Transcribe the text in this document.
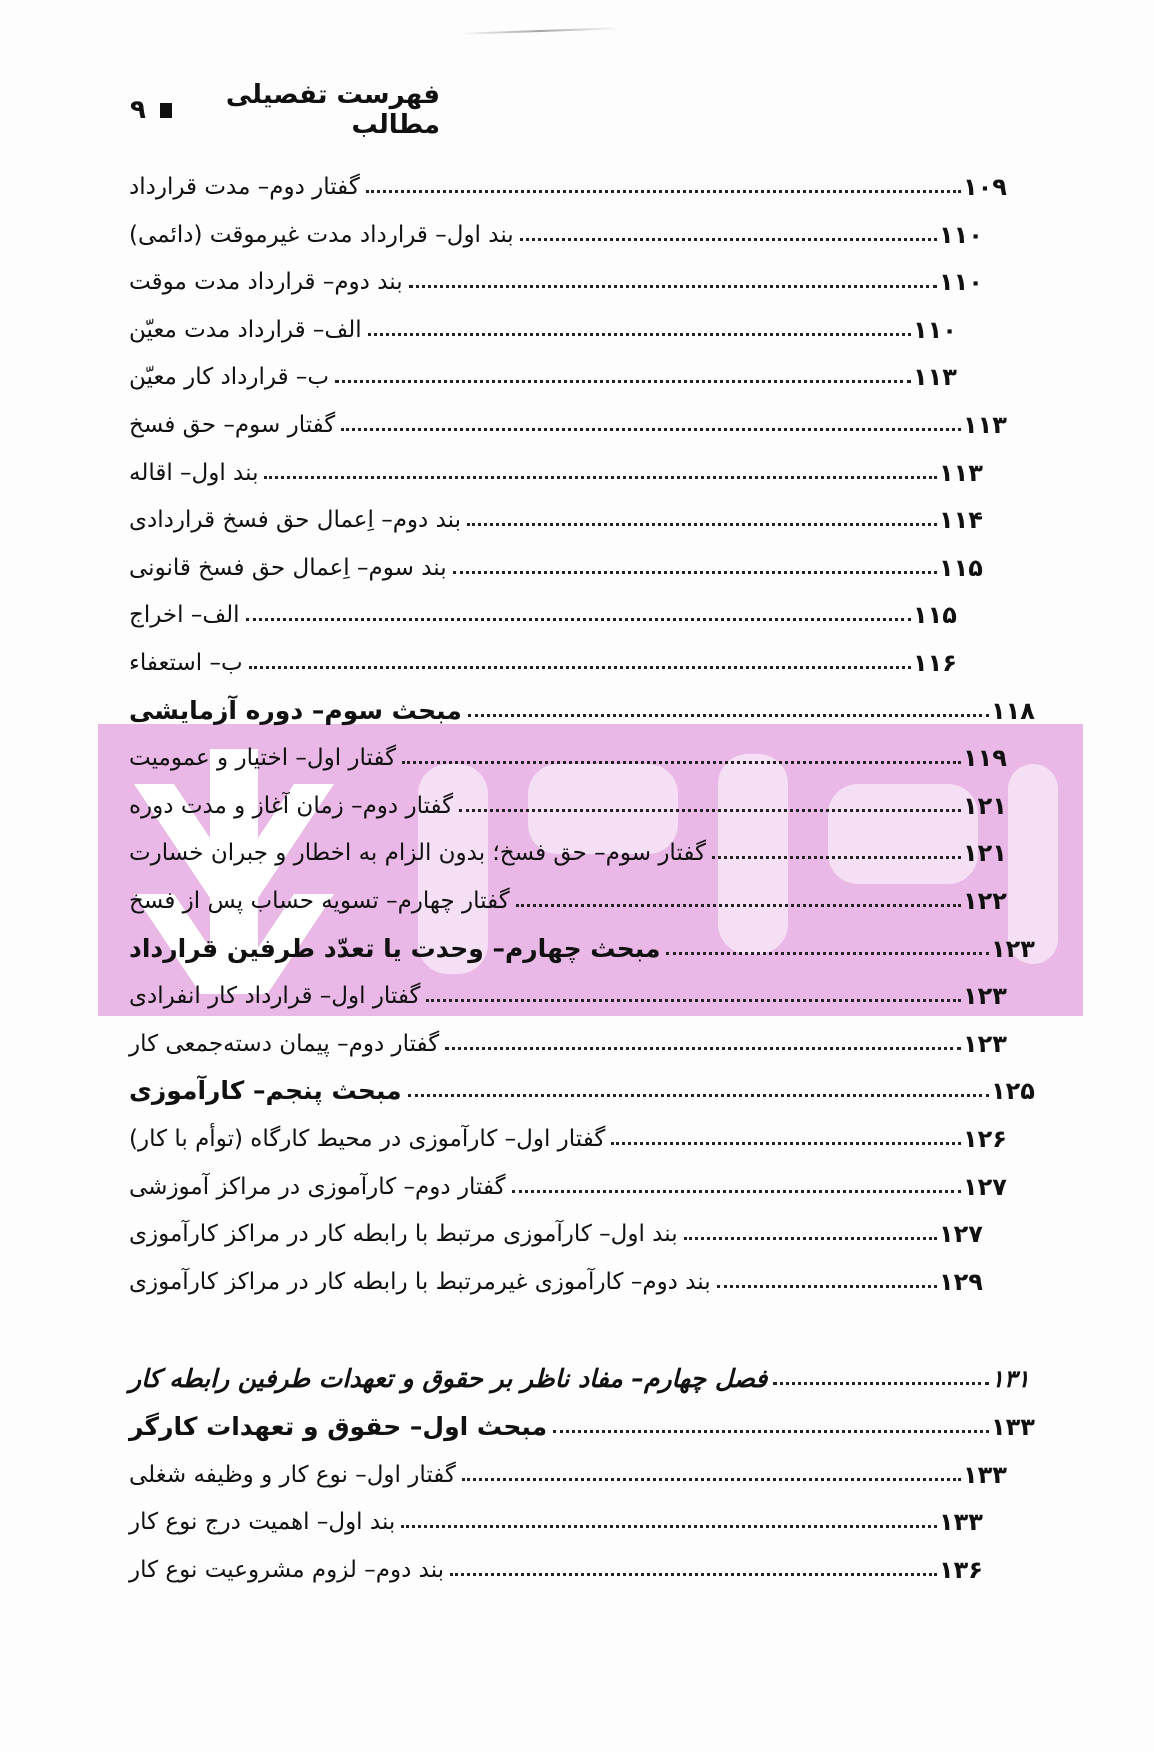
فهرست تفصیلی مطالب
۹
گفتار دوم– مدت قرارداد	۱۰۹
بند اول– قرارداد مدت غیرموقت (دائمی)	۱۱۰
بند دوم– قرارداد مدت موقت	۱۱۰
الف– قرارداد مدت معیّن	۱۱۰
ب– قرارداد کار معیّن	۱۱۳
گفتار سوم– حق فسخ	۱۱۳
بند اول– اقاله	۱۱۳
بند دوم– اِعمال حق فسخ قراردادی	۱۱۴
بند سوم– اِعمال حق فسخ قانونی	۱۱۵
الف– اخراج	۱۱۵
ب– استعفاء	۱۱۶
مبحث سوم– دوره آزمایشی	۱۱۸
گفتار اول– اختیار و عمومیت	۱۱۹
گفتار دوم– زمان آغاز و مدت دوره	۱۲۱
گفتار سوم– حق فسخ؛ بدون الزام به اخطار و جبران خسارت	۱۲۱
گفتار چهارم– تسویه حساب پس از فسخ	۱۲۲
مبحث چهارم– وحدت یا تعدّد طرفین قرارداد	۱۲۳
گفتار اول– قرارداد کار انفرادی	۱۲۳
گفتار دوم– پیمان دسته‌جمعی کار	۱۲۳
مبحث پنجم– کارآموزی	۱۲۵
گفتار اول– کارآموزی در محیط کارگاه (توأم با کار)	۱۲۶
گفتار دوم– کارآموزی در مراکز آموزشی	۱۲۷
بند اول– کارآموزی مرتبط با رابطه کار در مراکز کارآموزی	۱۲۷
بند دوم– کارآموزی غیرمرتبط با رابطه کار در مراکز کارآموزی	۱۲۹
فصل چهارم– مفاد ناظر بر حقوق و تعهدات طرفین رابطه کار	۱۳۱
مبحث اول– حقوق و تعهدات کارگر	۱۳۳
گفتار اول– نوع کار و وظیفه شغلی	۱۳۳
بند اول– اهمیت درج نوع کار	۱۳۳
بند دوم– لزوم مشروعیت نوع کار	۱۳۶
